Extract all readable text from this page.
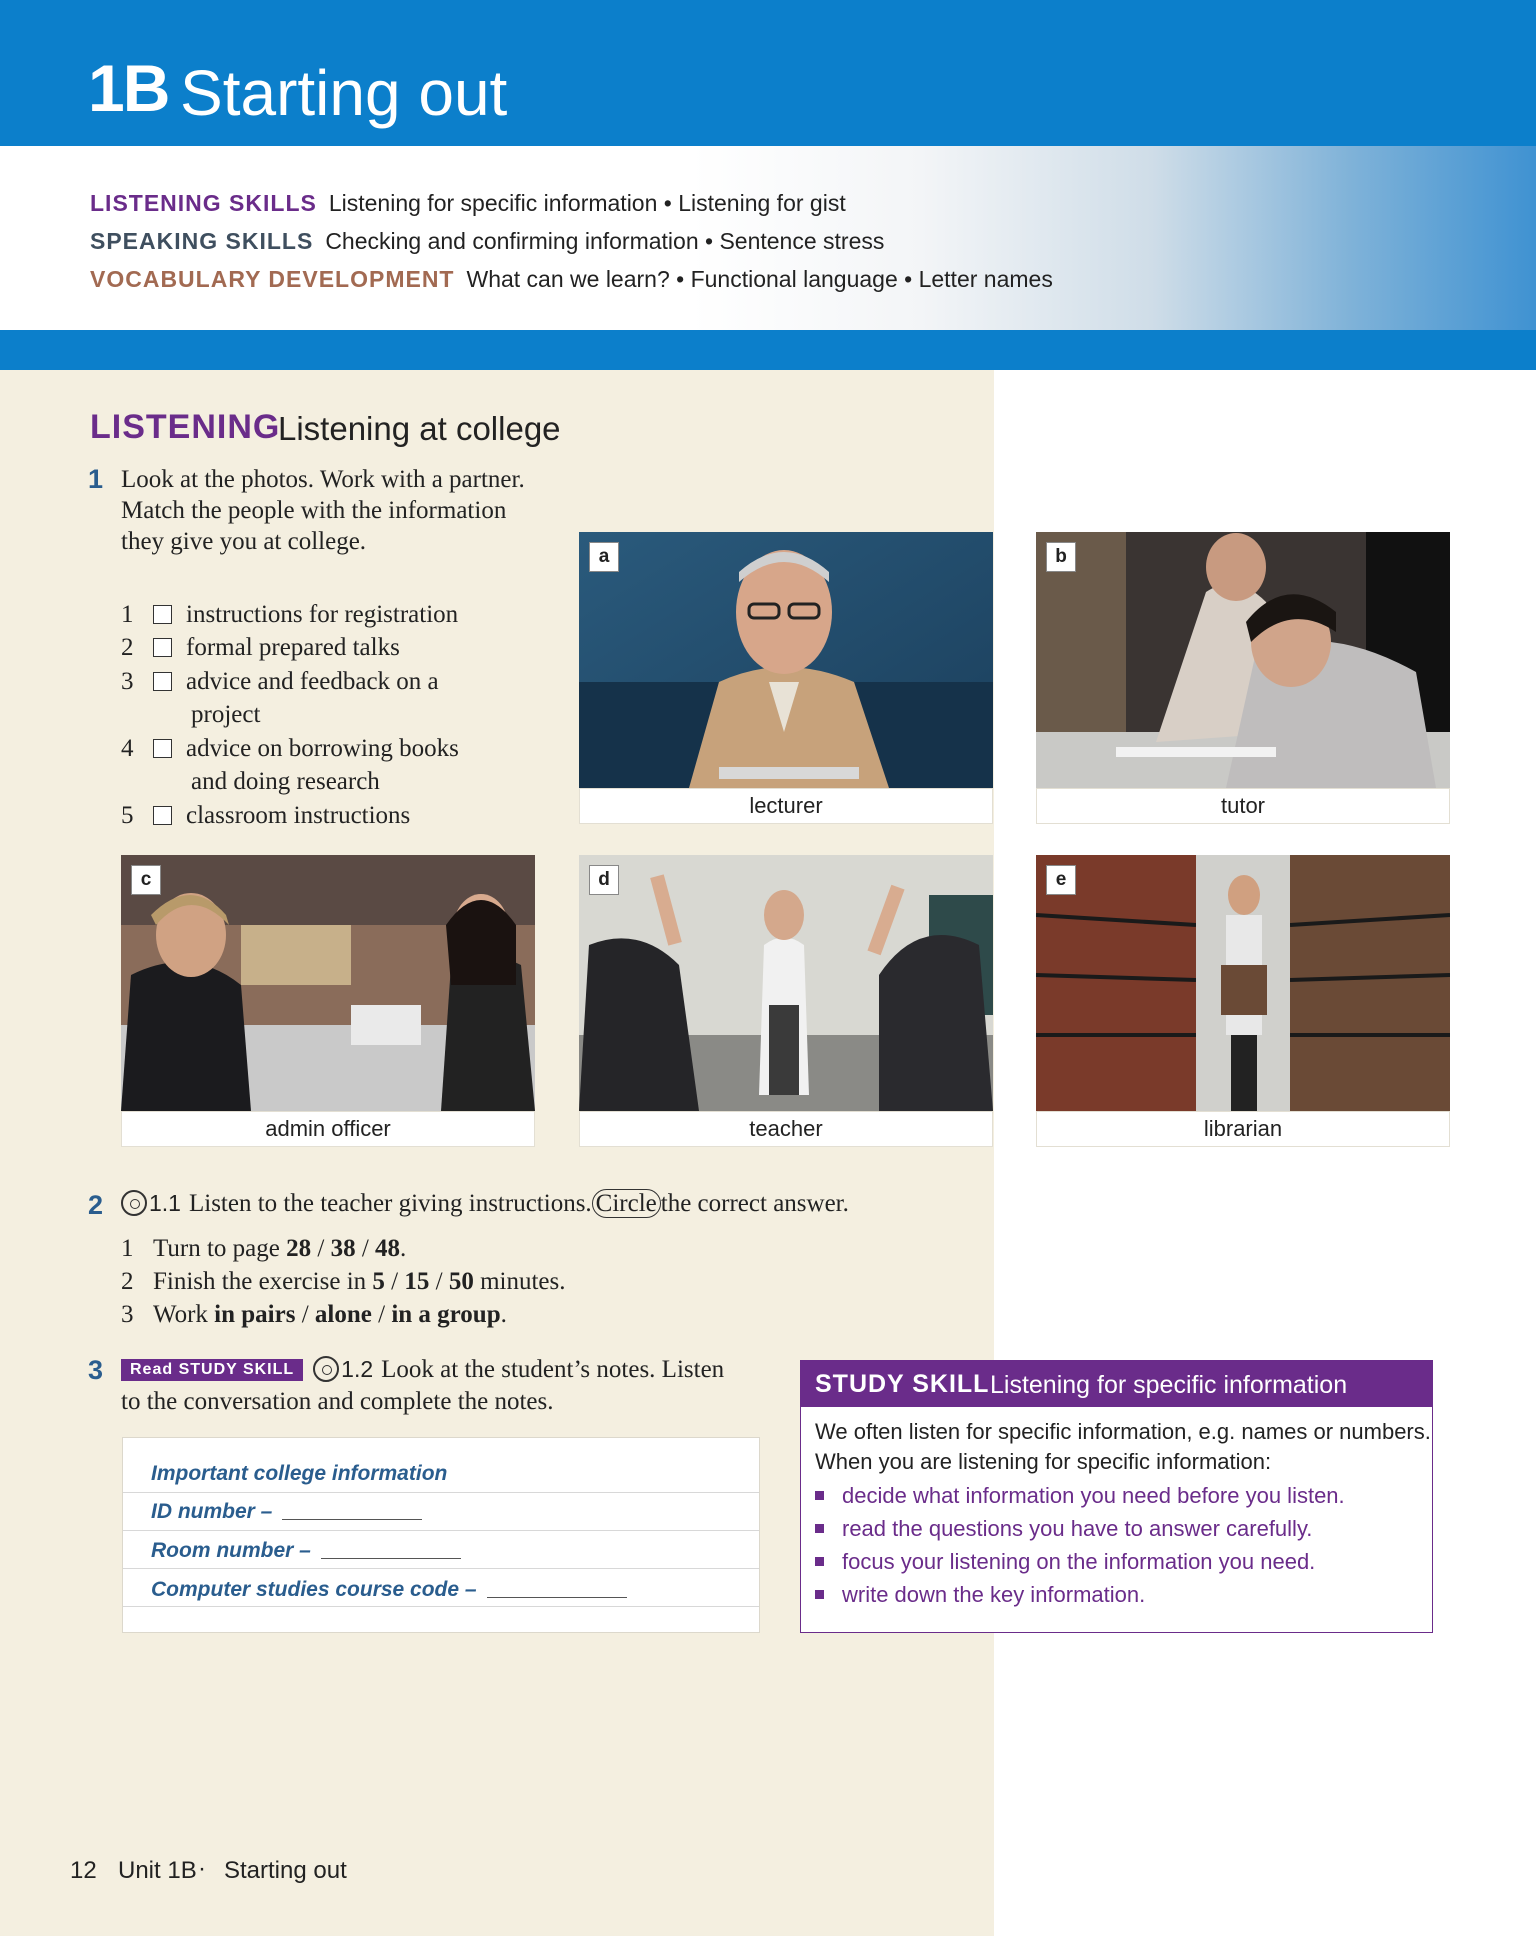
1B Starting out
LISTENING SKILLS Listening for specific information • Listening for gist
SPEAKING SKILLS Checking and confirming information • Sentence stress
VOCABULARY DEVELOPMENT What can we learn? • Functional language • Letter names
LISTENING
Listening at college
1 Look at the photos. Work with a partner. Match the people with the information they give you at college.
1 instructions for registration
2 formal prepared talks
3 advice and feedback on a
project
4 advice on borrowing books
and doing research
5 classroom instructions
a
lecturer
b
tutor
c
admin officer
d
teacher
e
librarian
2	1.1 Listen to the teacher giving instructions. Circle the correct answer.
1 Turn to page 28 / 38 / 48.
2 Finish the exercise in 5 / 15 / 50 minutes.
3 Work in pairs / alone / in a group.
3	Read STUDY SKILL 1.2 Look at the student’s notes. Listen
to the conversation and complete the notes.
Important college information
ID number –
Room number –
Computer studies course code –
STUDY SKILL Listening for specific information
We often listen for specific information, e.g. names or numbers.
When you are listening for specific information:
decide what information you need before you listen.
read the questions you have to answer carefully.
focus your listening on the information you need.
write down the key information.
12 Unit 1B · Starting out
